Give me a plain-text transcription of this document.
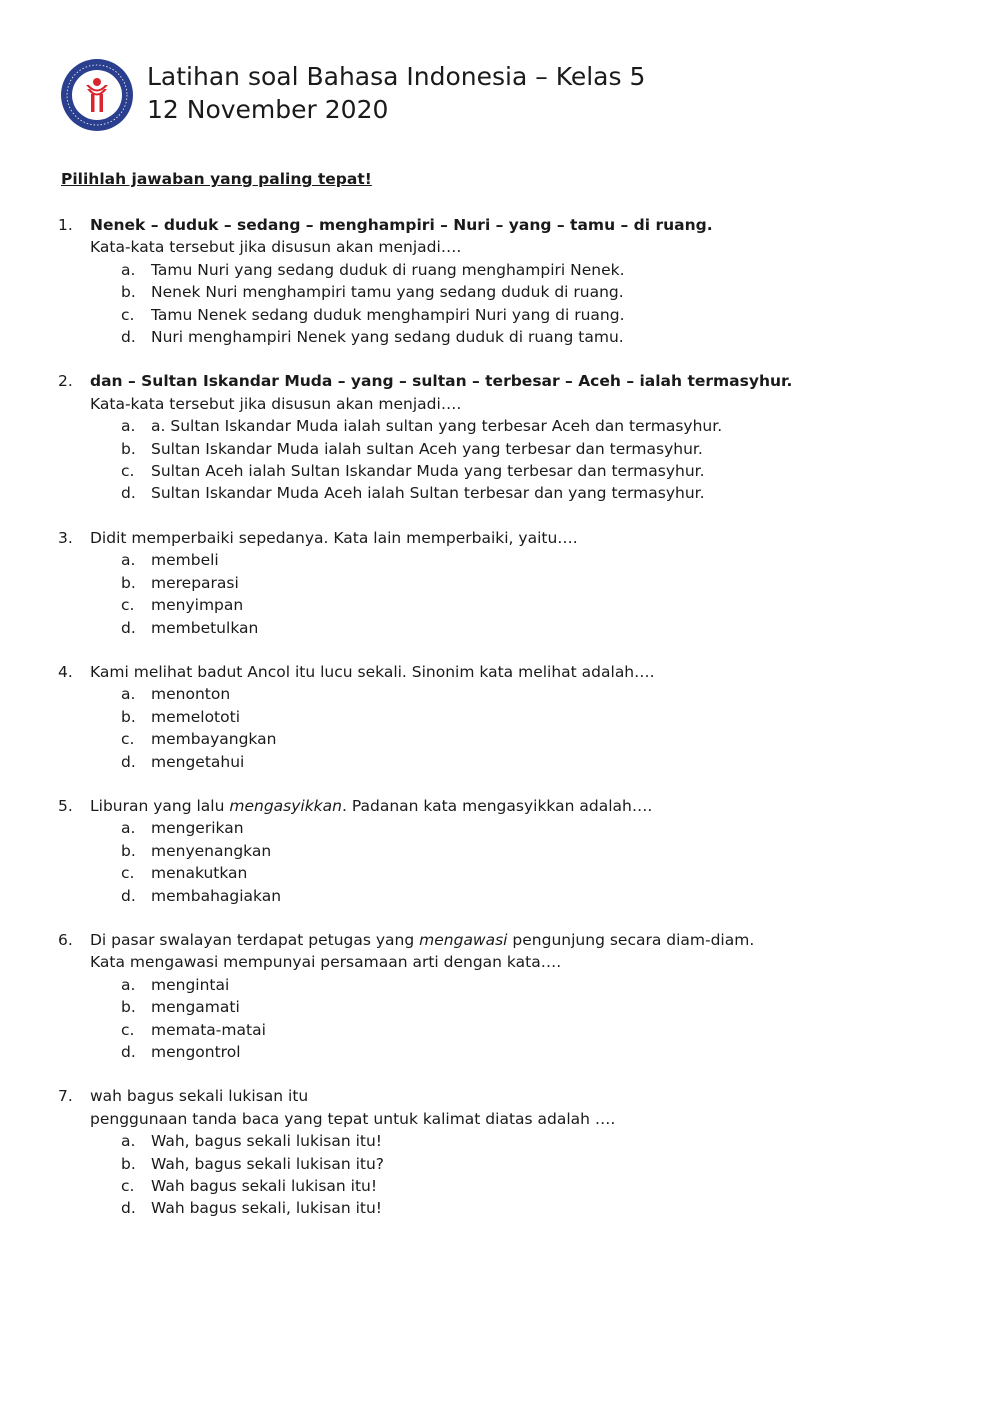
Latihan soal Bahasa Indonesia – Kelas 5
12 November 2020
Pilihlah jawaban yang paling tepat!
1.	Nenek – duduk – sedang – menghampiri – Nuri – yang – tamu – di ruang.
Kata-kata tersebut jika disusun akan menjadi….
a. Tamu Nuri yang sedang duduk di ruang menghampiri Nenek.
b. Nenek Nuri menghampiri tamu yang sedang duduk di ruang.
c. Tamu Nenek sedang duduk menghampiri Nuri yang di ruang.
d. Nuri menghampiri Nenek yang sedang duduk di ruang tamu.
2.	dan – Sultan Iskandar Muda – yang – sultan – terbesar – Aceh – ialah termasyhur.
Kata-kata tersebut jika disusun akan menjadi….
a. a. Sultan Iskandar Muda ialah sultan yang terbesar Aceh dan termasyhur.
b. Sultan Iskandar Muda ialah sultan Aceh yang terbesar dan termasyhur.
c. Sultan Aceh ialah Sultan Iskandar Muda yang terbesar dan termasyhur.
d. Sultan Iskandar Muda Aceh ialah Sultan terbesar dan yang termasyhur.
3.	Didit memperbaiki sepedanya. Kata lain memperbaiki, yaitu….
a. membeli
b. mereparasi
c. menyimpan
d. membetulkan
4.	Kami melihat badut Ancol itu lucu sekali. Sinonim kata melihat adalah….
a. menonton
b. memelototi
c. membayangkan
d. mengetahui
5.	Liburan yang lalu mengasyikkan. Padanan kata mengasyikkan adalah….
a. mengerikan
b. menyenangkan
c. menakutkan
d. membahagiakan
6.	Di pasar swalayan terdapat petugas yang mengawasi pengunjung secara diam-diam.
Kata mengawasi mempunyai persamaan arti dengan kata….
a. mengintai
b. mengamati
c. memata-matai
d. mengontrol
7.	wah bagus sekali lukisan itu
penggunaan tanda baca yang tepat untuk kalimat diatas adalah ….
a. Wah, bagus sekali lukisan itu!
b. Wah, bagus sekali lukisan itu?
c. Wah bagus sekali lukisan itu!
d. Wah bagus sekali, lukisan itu!
